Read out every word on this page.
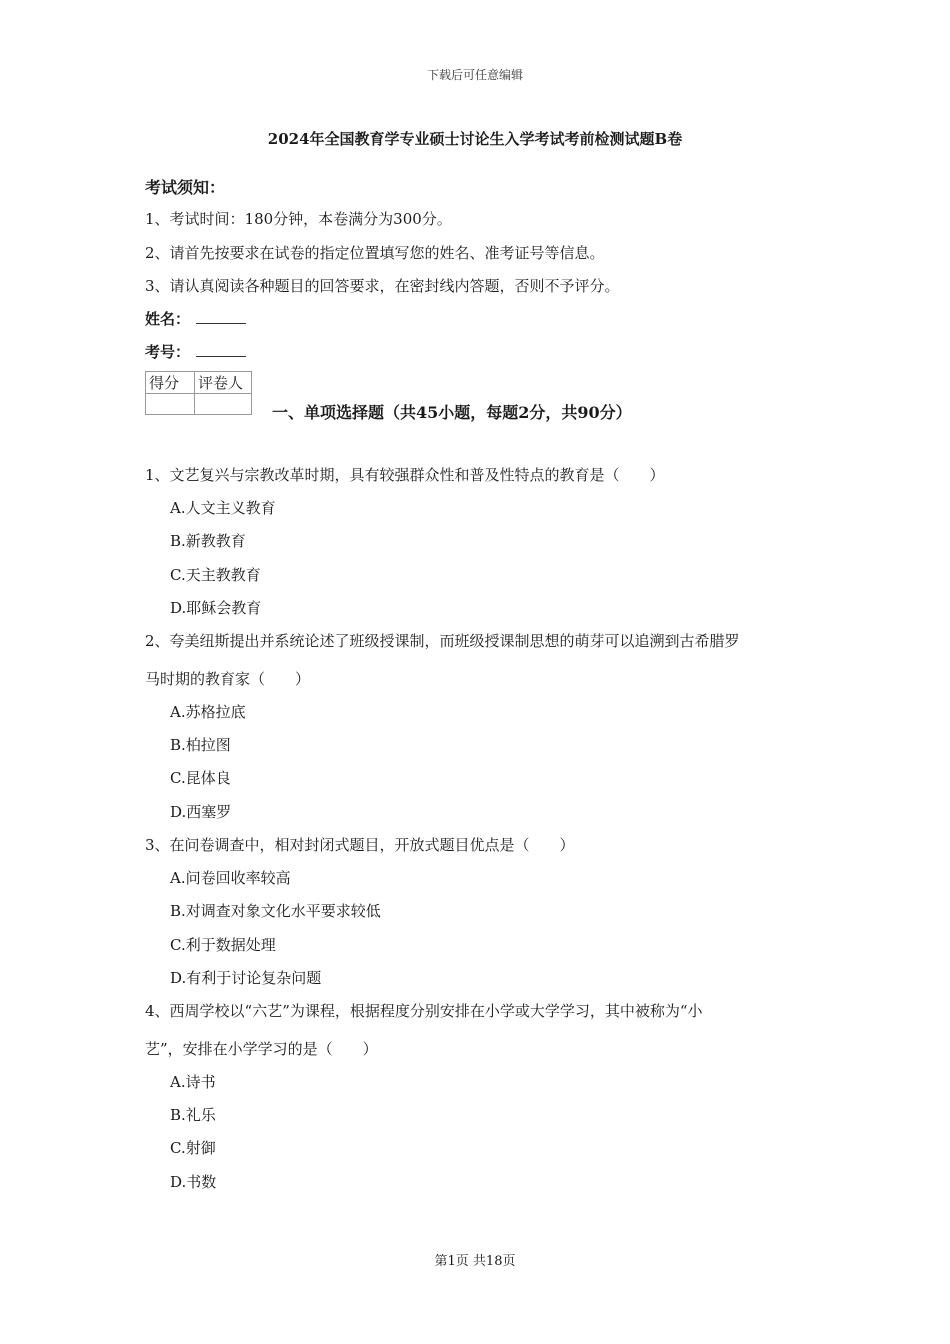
下载后可任意编辑
2024年全国教育学专业硕士讨论生入学考试考前检测试题B卷
考试须知：
1、考试时间：180分钟，本卷满分为300分。
2、请首先按要求在试卷的指定位置填写您的姓名、准考证号等信息。
3、请认真阅读各种题目的回答要求，在密封线内答题，否则不予评分。
姓名：
考号：
得分	评卷人

一、单项选择题（共45小题，每题2分，共90分）
1、文艺复兴与宗教改革时期，具有较强群众性和普及性特点的教育是（　　）
A.人文主义教育
B.新教教育
C.天主教教育
D.耶稣会教育
2、夸美纽斯提出并系统论述了班级授课制，而班级授课制思想的萌芽可以追溯到古希腊罗
马时期的教育家（　　）
A.苏格拉底
B.柏拉图
C.昆体良
D.西塞罗
3、在问卷调查中，相对封闭式题目，开放式题目优点是（　　）
A.问卷回收率较高
B.对调查对象文化水平要求较低
C.利于数据处理
D.有利于讨论复杂问题
4、西周学校以“六艺”为课程，根据程度分别安排在小学或大学学习，其中被称为“小
艺”，安排在小学学习的是（　　）
A.诗书
B.礼乐
C.射御
D.书数
第1页 共18页
